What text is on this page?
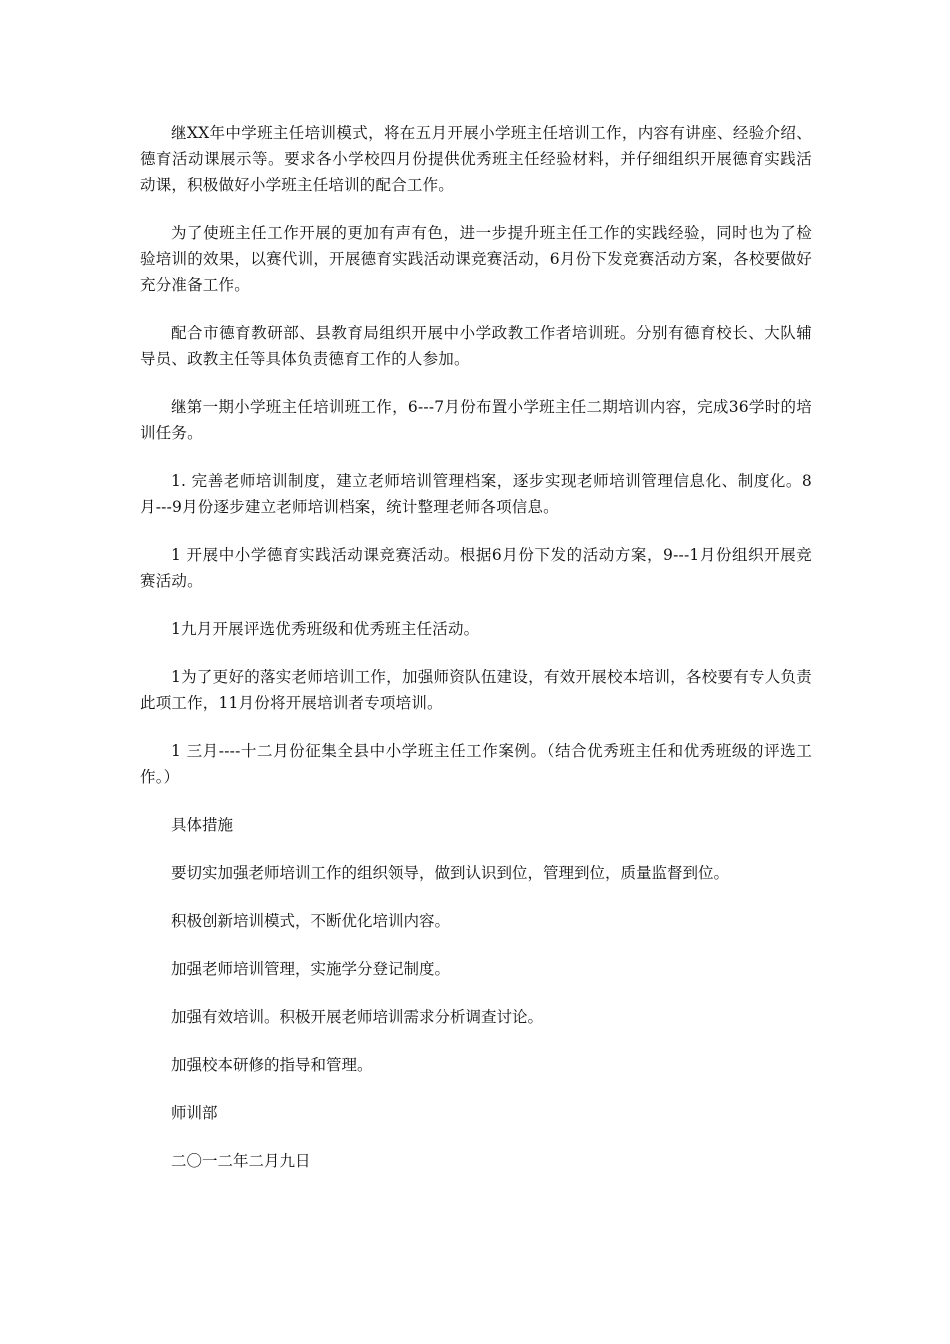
继XX年中学班主任培训模式，将在五月开展小学班主任培训工作，内容有讲座、经验介绍、德育活动课展示等。要求各小学校四月份提供优秀班主任经验材料，并仔细组织开展德育实践活动课，积极做好小学班主任培训的配合工作。

为了使班主任工作开展的更加有声有色，进一步提升班主任工作的实践经验，同时也为了检验培训的效果，以赛代训，开展德育实践活动课竞赛活动，6月份下发竞赛活动方案，各校要做好充分准备工作。

配合市德育教研部、县教育局组织开展中小学政教工作者培训班。分别有德育校长、大队辅导员、政教主任等具体负责德育工作的人参加。

继第一期小学班主任培训班工作，6---7月份布置小学班主任二期培训内容，完成36学时的培训任务。

1. 完善老师培训制度，建立老师培训管理档案，逐步实现老师培训管理信息化、制度化。8月---9月份逐步建立老师培训档案，统计整理老师各项信息。

1 开展中小学德育实践活动课竞赛活动。根据6月份下发的活动方案，9---1月份组织开展竞赛活动。

1九月开展评选优秀班级和优秀班主任活动。

1为了更好的落实老师培训工作，加强师资队伍建设，有效开展校本培训，各校要有专人负责此项工作，11月份将开展培训者专项培训。

1 三月----十二月份征集全县中小学班主任工作案例。（结合优秀班主任和优秀班级的评选工作。）

具体措施

要切实加强老师培训工作的组织领导，做到认识到位，管理到位，质量监督到位。

积极创新培训模式，不断优化培训内容。

加强老师培训管理，实施学分登记制度。

加强有效培训。积极开展老师培训需求分析调查讨论。

加强校本研修的指导和管理。

师训部

二〇一二年二月九日
